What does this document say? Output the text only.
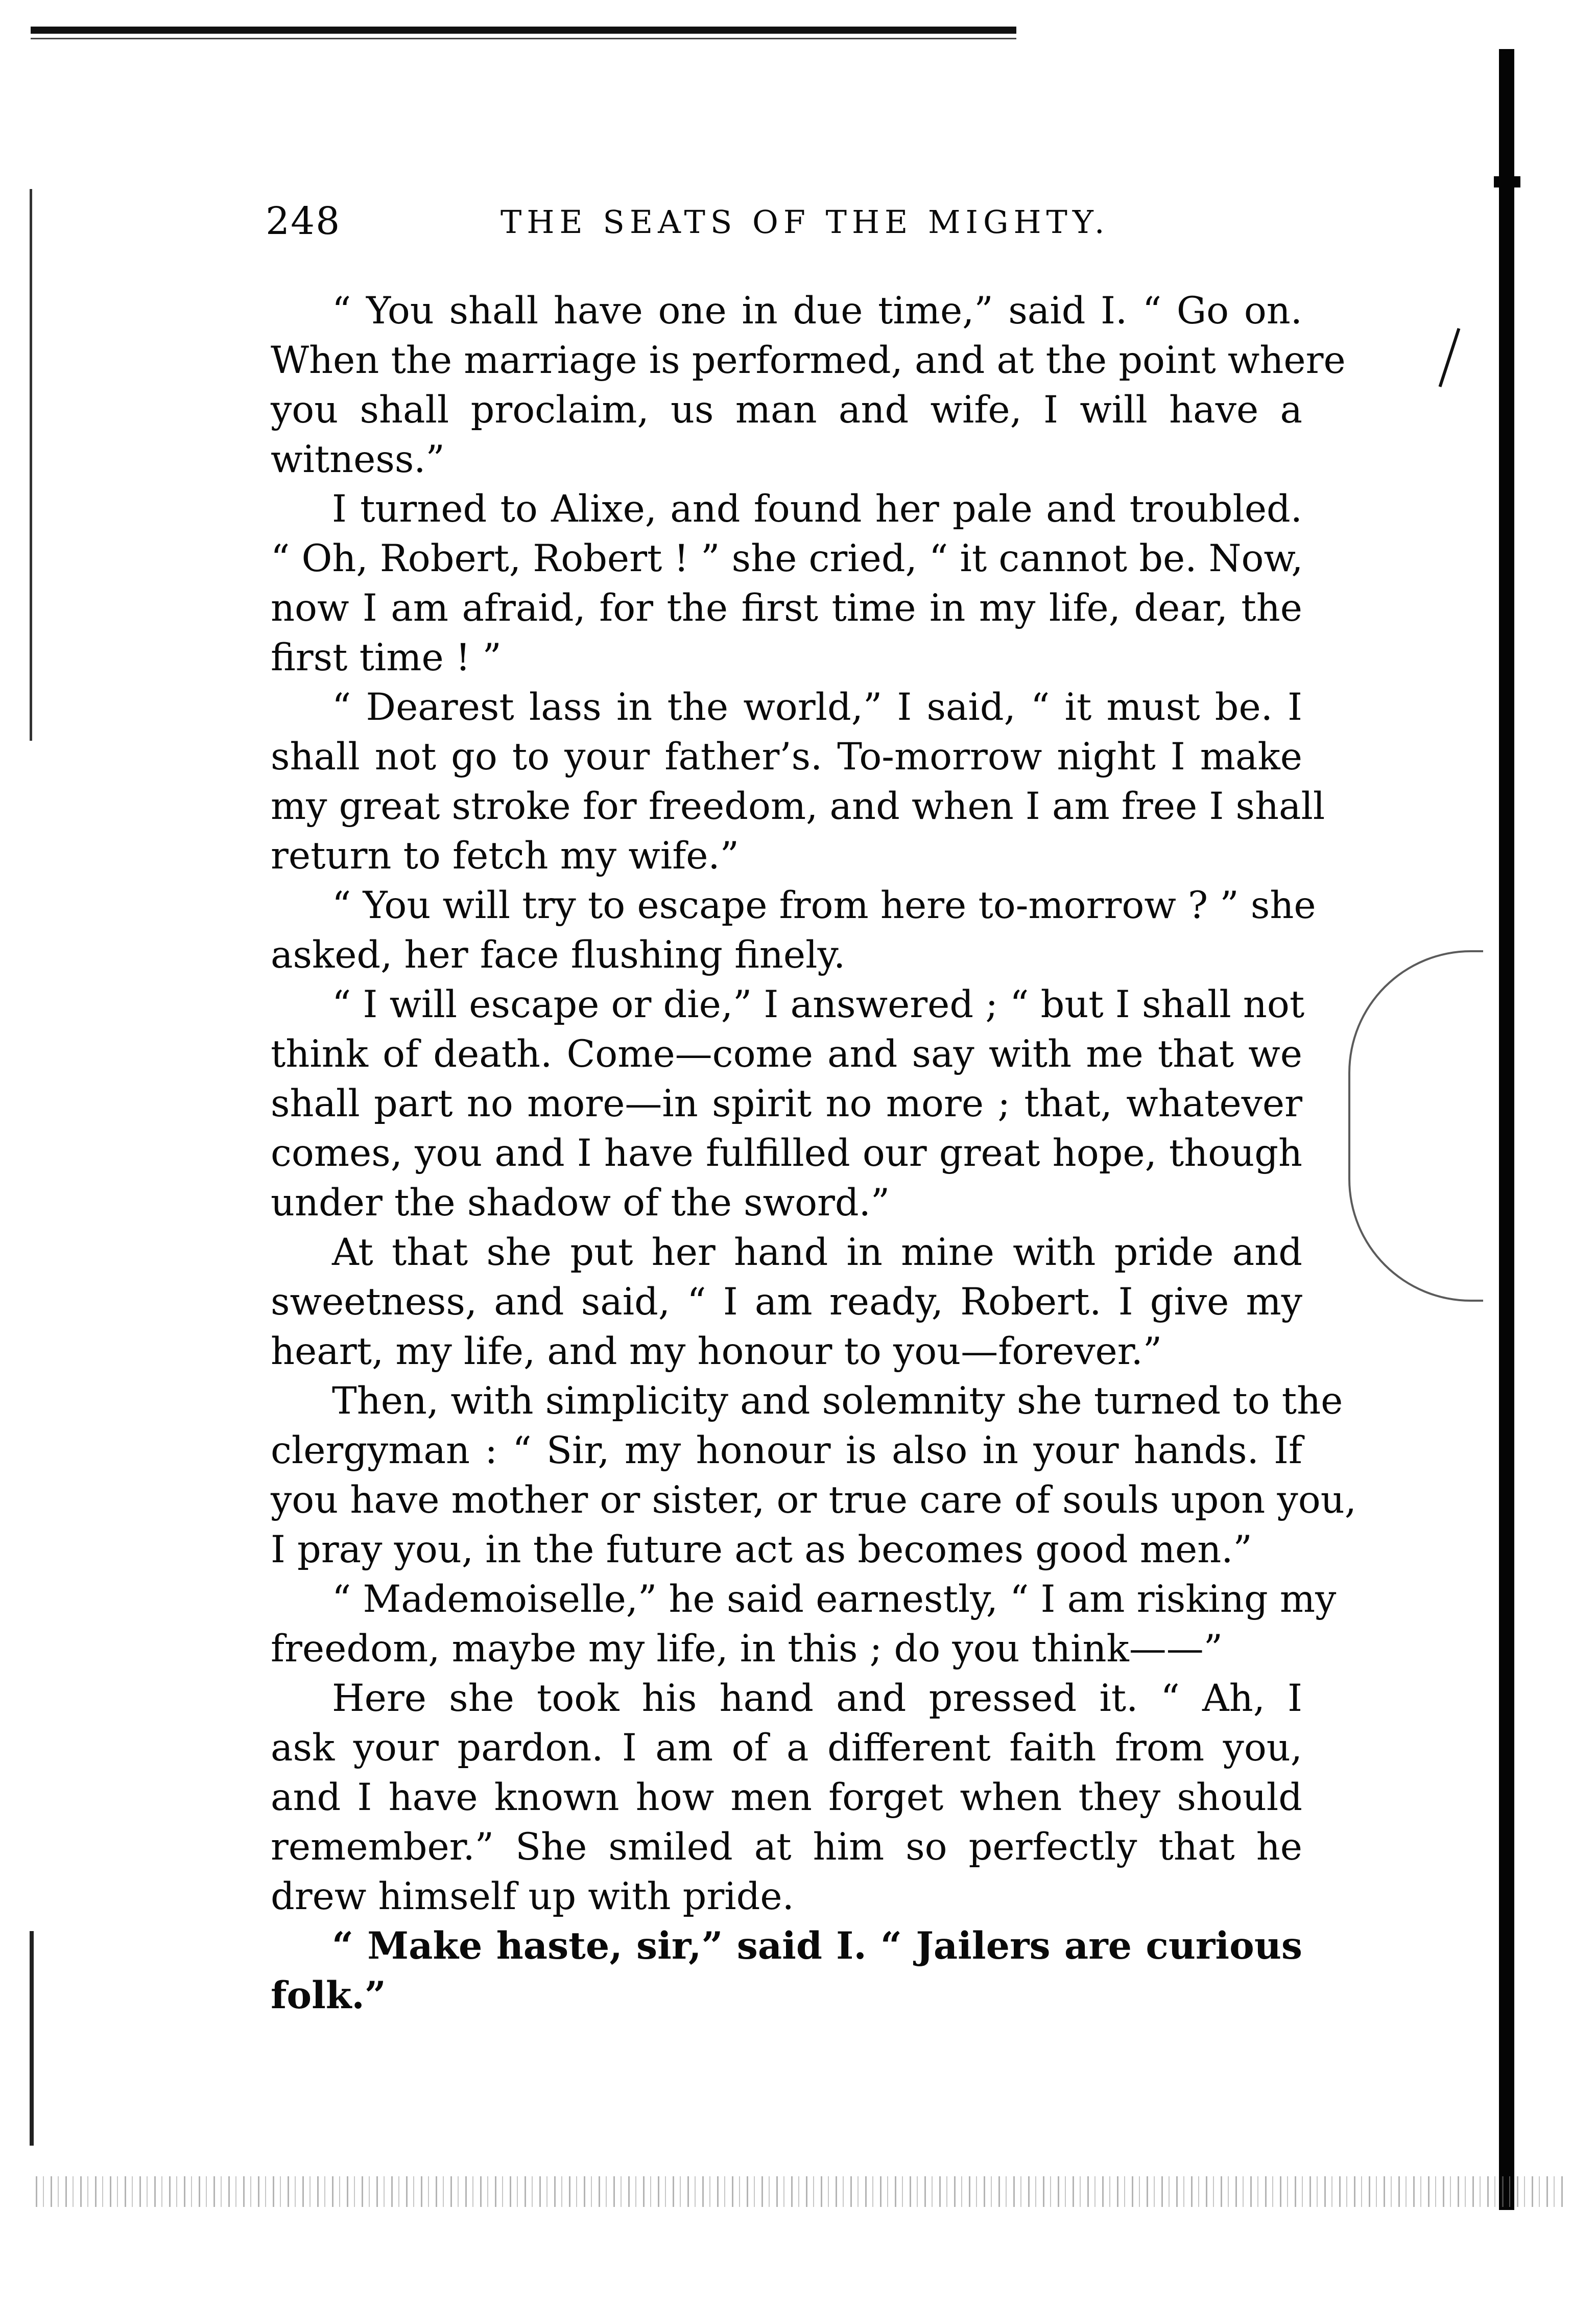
248	THE SEATS OF THE MIGHTY.
“ You shall have one in due time,” said I. “ Go on.
When the marriage is performed, and at the point where
you shall proclaim, us man and wife, I will have a
witness.”
I turned to Alixe, and found her pale and troubled.
“ Oh, Robert, Robert ! ” she cried, “ it cannot be. Now,
now I am afraid, for the first time in my life, dear, the
first time ! ”
“ Dearest lass in the world,” I said, “ it must be. I
shall not go to your father’s. To-morrow night I make
my great stroke for freedom, and when I am free I shall
return to fetch my wife.”
“ You will try to escape from here to-morrow ? ” she
asked, her face flushing finely.
“ I will escape or die,” I answered ; “ but I shall not
think of death. Come—come and say with me that we
shall part no more—in spirit no more ; that, whatever
comes, you and I have fulfilled our great hope, though
under the shadow of the sword.”
At that she put her hand in mine with pride and
sweetness, and said, “ I am ready, Robert. I give my
heart, my life, and my honour to you—forever.”
Then, with simplicity and solemnity she turned to the
clergyman : “ Sir, my honour is also in your hands. If
you have mother or sister, or true care of souls upon you,
I pray you, in the future act as becomes good men.”
“ Mademoiselle,” he said earnestly, “ I am risking my
freedom, maybe my life, in this ; do you think——”
Here she took his hand and pressed it. “ Ah, I
ask your pardon. I am of a different faith from you,
and I have known how men forget when they should
remember.” She smiled at him so perfectly that he
drew himself up with pride.
“ Make haste, sir,” said I. “ Jailers are curious
folk.”
